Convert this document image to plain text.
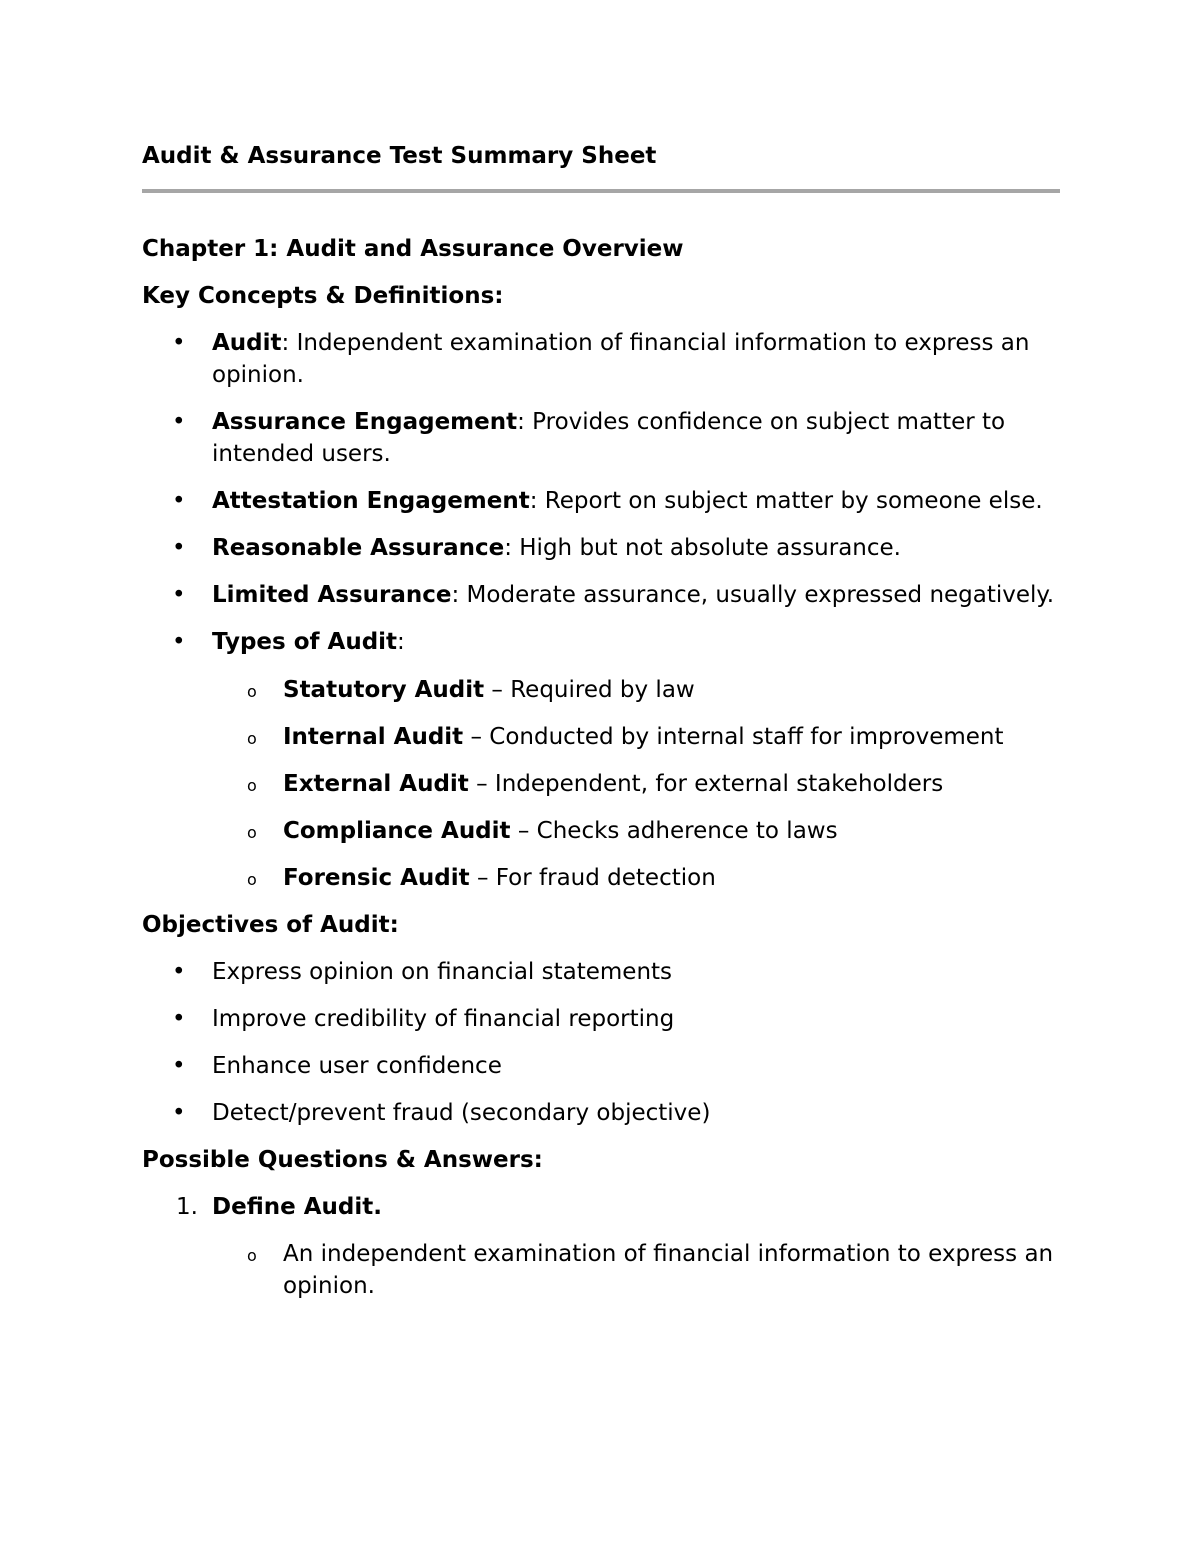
Audit & Assurance Test Summary Sheet
Chapter 1: Audit and Assurance Overview
Key Concepts & Definitions:
• Audit: Independent examination of financial information to express an opinion.
• Assurance Engagement: Provides confidence on subject matter to intended users.
• Attestation Engagement: Report on subject matter by someone else.
• Reasonable Assurance: High but not absolute assurance.
• Limited Assurance: Moderate assurance, usually expressed negatively.
• Types of Audit:
o Statutory Audit – Required by law
o Internal Audit – Conducted by internal staff for improvement
o External Audit – Independent, for external stakeholders
o Compliance Audit – Checks adherence to laws
o Forensic Audit – For fraud detection
Objectives of Audit:
• Express opinion on financial statements
• Improve credibility of financial reporting
• Enhance user confidence
• Detect/prevent fraud (secondary objective)
Possible Questions & Answers:
1. Define Audit.
o An independent examination of financial information to express an opinion.
